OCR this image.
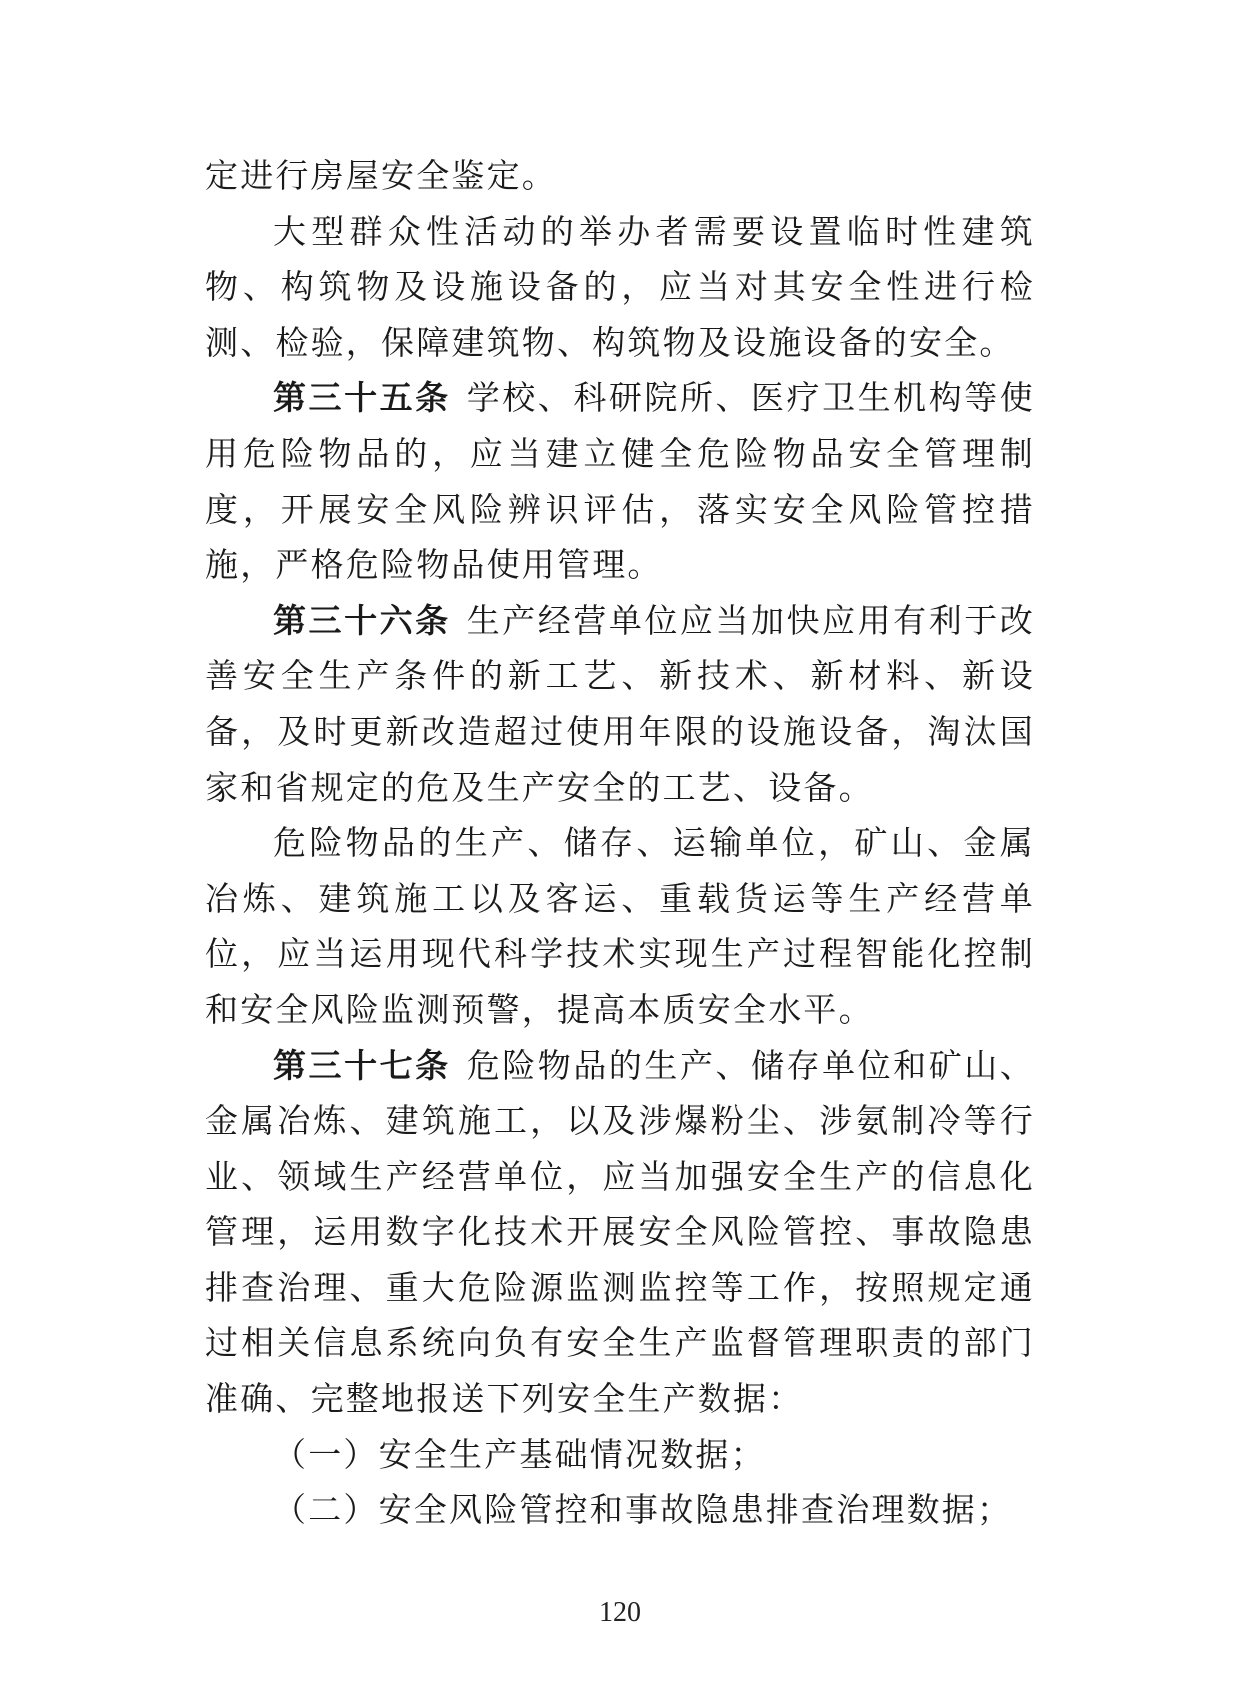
定进行房屋安全鉴定。

大型群众性活动的举办者需要设置临时性建筑物、构筑物及设施设备的，应当对其安全性进行检测、检验，保障建筑物、构筑物及设施设备的安全。

第三十五条 学校、科研院所、医疗卫生机构等使用危险物品的，应当建立健全危险物品安全管理制度，开展安全风险辨识评估，落实安全风险管控措施，严格危险物品使用管理。

第三十六条 生产经营单位应当加快应用有利于改善安全生产条件的新工艺、新技术、新材料、新设备，及时更新改造超过使用年限的设施设备，淘汰国家和省规定的危及生产安全的工艺、设备。

危险物品的生产、储存、运输单位，矿山、金属冶炼、建筑施工以及客运、重载货运等生产经营单位，应当运用现代科学技术实现生产过程智能化控制和安全风险监测预警，提高本质安全水平。

第三十七条 危险物品的生产、储存单位和矿山、金属冶炼、建筑施工，以及涉爆粉尘、涉氨制冷等行业、领域生产经营单位，应当加强安全生产的信息化管理，运用数字化技术开展安全风险管控、事故隐患排查治理、重大危险源监测监控等工作，按照规定通过相关信息系统向负有安全生产监督管理职责的部门准确、完整地报送下列安全生产数据：

（一）安全生产基础情况数据；

（二）安全风险管控和事故隐患排查治理数据；

120
